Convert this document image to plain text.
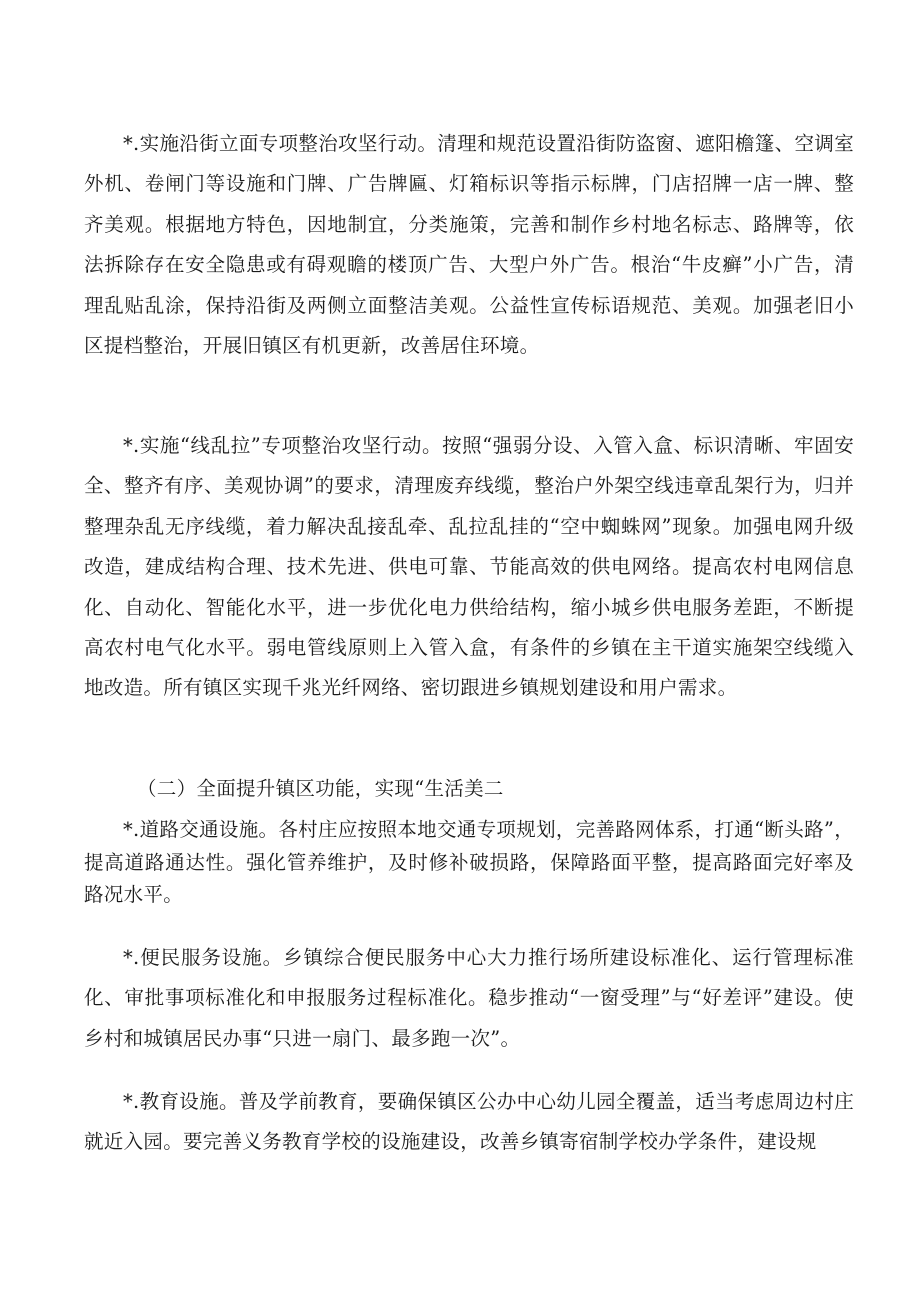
*.实施沿街立面专项整治攻坚行动。清理和规范设置沿街防盗窗、遮阳檐篷、空调室外机、卷闸门等设施和门牌、广告牌匾、灯箱标识等指示标牌，门店招牌一店一牌、整齐美观。根据地方特色，因地制宜，分类施策，完善和制作乡村地名标志、路牌等，依法拆除存在安全隐患或有碍观瞻的楼顶广告、大型户外广告。根治“牛皮癣”小广告，清理乱贴乱涂，保持沿街及两侧立面整洁美观。公益性宣传标语规范、美观。加强老旧小区提档整治，开展旧镇区有机更新，改善居住环境。

*.实施“线乱拉”专项整治攻坚行动。按照“强弱分设、入管入盒、标识清晰、牢固安全、整齐有序、美观协调”的要求，清理废弃线缆，整治户外架空线违章乱架行为，归并整理杂乱无序线缆，着力解决乱接乱牵、乱拉乱挂的“空中蜘蛛网”现象。加强电网升级改造，建成结构合理、技术先进、供电可靠、节能高效的供电网络。提高农村电网信息化、自动化、智能化水平，进一步优化电力供给结构，缩小城乡供电服务差距，不断提高农村电气化水平。弱电管线原则上入管入盒，有条件的乡镇在主干道实施架空线缆入地改造。所有镇区实现千兆光纤网络、密切跟进乡镇规划建设和用户需求。

（二）全面提升镇区功能，实现“生活美二

*.道路交通设施。各村庄应按照本地交通专项规划，完善路网体系，打通“断头路”，提高道路通达性。强化管养维护，及时修补破损路，保障路面平整，提高路面完好率及路况水平。

*.便民服务设施。乡镇综合便民服务中心大力推行场所建设标准化、运行管理标准化、审批事项标准化和申报服务过程标准化。稳步推动“一窗受理”与“好差评”建设。使乡村和城镇居民办事“只进一扇门、最多跑一次”。

*.教育设施。普及学前教育，要确保镇区公办中心幼儿园全覆盖，适当考虑周边村庄就近入园。要完善义务教育学校的设施建设，改善乡镇寄宿制学校办学条件，建设规
